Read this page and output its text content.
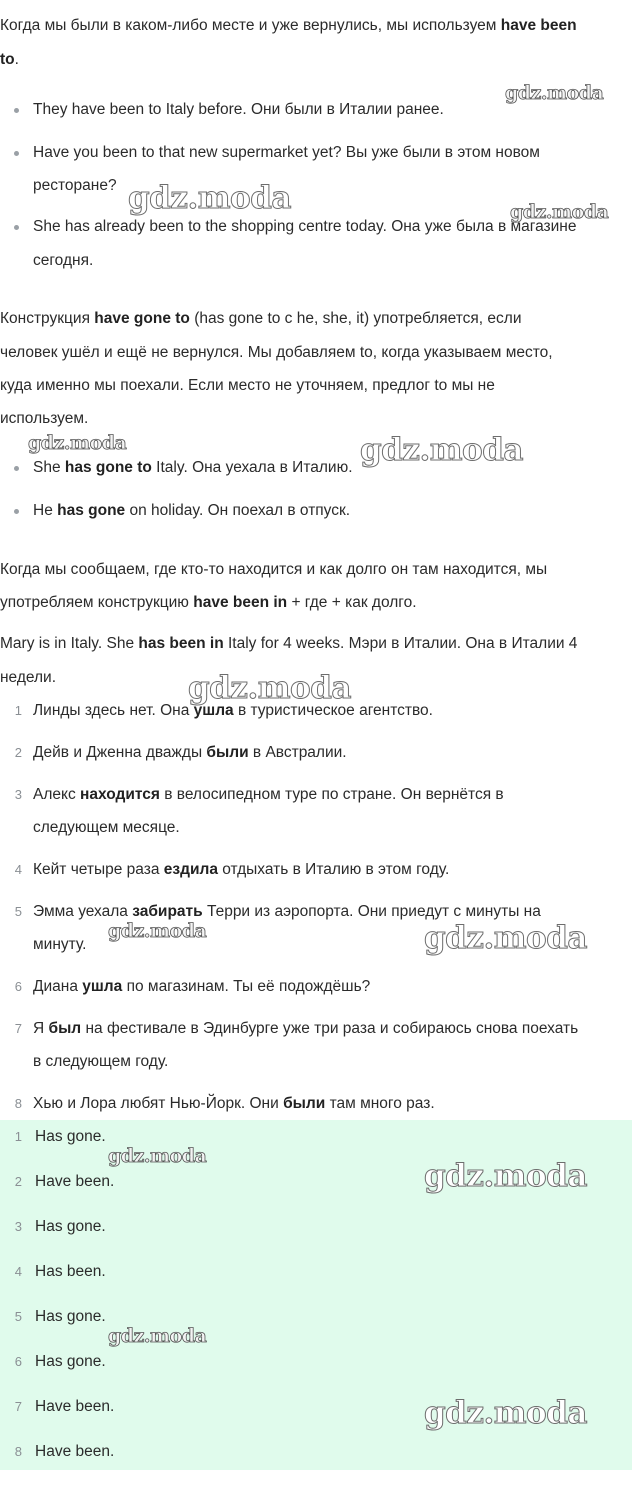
Когда мы были в каком-либо месте и уже вернулись, мы используем have been
to.
They have been to Italy before. Они были в Италии ранее.
Have you been to that new supermarket yet? Вы уже были в этом новом
ресторане?
She has already been to the shopping centre today. Она уже была в магазине
сегодня.
Конструкция have gone to (has gone to с he, she, it) употребляется, если
человек ушёл и ещё не вернулся. Мы добавляем to, когда указываем место,
куда именно мы поехали. Если место не уточняем, предлог to мы не
используем.
She has gone to Italy. Она уехала в Италию.
He has gone on holiday. Он поехал в отпуск.
Когда мы сообщаем, где кто-то находится и как долго он там находится, мы
употребляем конструкцию have been in + где + как долго.
Mary is in Italy. She has been in Italy for 4 weeks. Мэри в Италии. Она в Италии 4
недели.
1 Линды здесь нет. Она ушла в туристическое агентство.
2 Дейв и Дженна дважды были в Австралии.
3 Алекс находится в велосипедном туре по стране. Он вернётся в
следующем месяце.
4 Кейт четыре раза ездила отдыхать в Италию в этом году.
5 Эмма уехала забирать Терри из аэропорта. Они приедут с минуты на
минуту.
6 Диана ушла по магазинам. Ты её подождёшь?
7 Я был на фестивале в Эдинбурге уже три раза и собираюсь снова поехать
в следующем году.
8 Хью и Лора любят Нью-Йорк. Они были там много раз.
1 Has gone.
2 Have been.
3 Has gone.
4 Has been.
5 Has gone.
6 Has gone.
7 Have been.
8 Have been.
gdz.moda
gdz.moda	gdz.moda
gdz.moda	gdz.moda
gdz.moda
gdz.moda	gdz.moda
gdz.moda
gdz.moda
gdz.moda
gdz.moda
